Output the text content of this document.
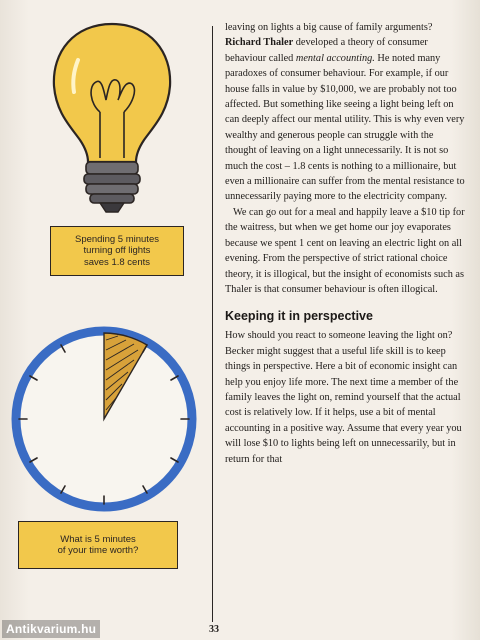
Spending 5 minutes
turning off lights
saves 1.8 cents
What is 5 minutes
of your time worth?

leaving on lights a big cause of family arguments? Richard Thaler developed a theory of consumer behaviour called mental accounting. He noted many paradoxes of consumer behaviour. For example, if our house falls in value by $10,000, we are probably not too affected. But something like seeing a light being left on can deeply affect our mental utility. This is why even very wealthy and generous people can struggle with the thought of leaving on a light unnecessarily. It is not so much the cost – 1.8 cents is nothing to a millionaire, but even a millionaire can suffer from the mental resistance to unnecessarily paying more to the electricity company.

We can go out for a meal and happily leave a $10 tip for the waitress, but when we get home our joy evaporates because we spent 1 cent on leaving an electric light on all evening. From the perspective of strict rational choice theory, it is illogical, but the insight of economists such as Thaler is that consumer behaviour is often illogical.

Keeping it in perspective

How should you react to someone leaving the light on? Becker might suggest that a useful life skill is to keep things in perspective. Here a bit of economic insight can help you enjoy life more. The next time a member of the family leaves the light on, remind yourself that the actual cost is relatively low. If it helps, use a bit of mental accounting in a positive way. Assume that every year you will lose $10 to lights being left on unnecessarily, but in return for that

33
Antikvarium.hu
